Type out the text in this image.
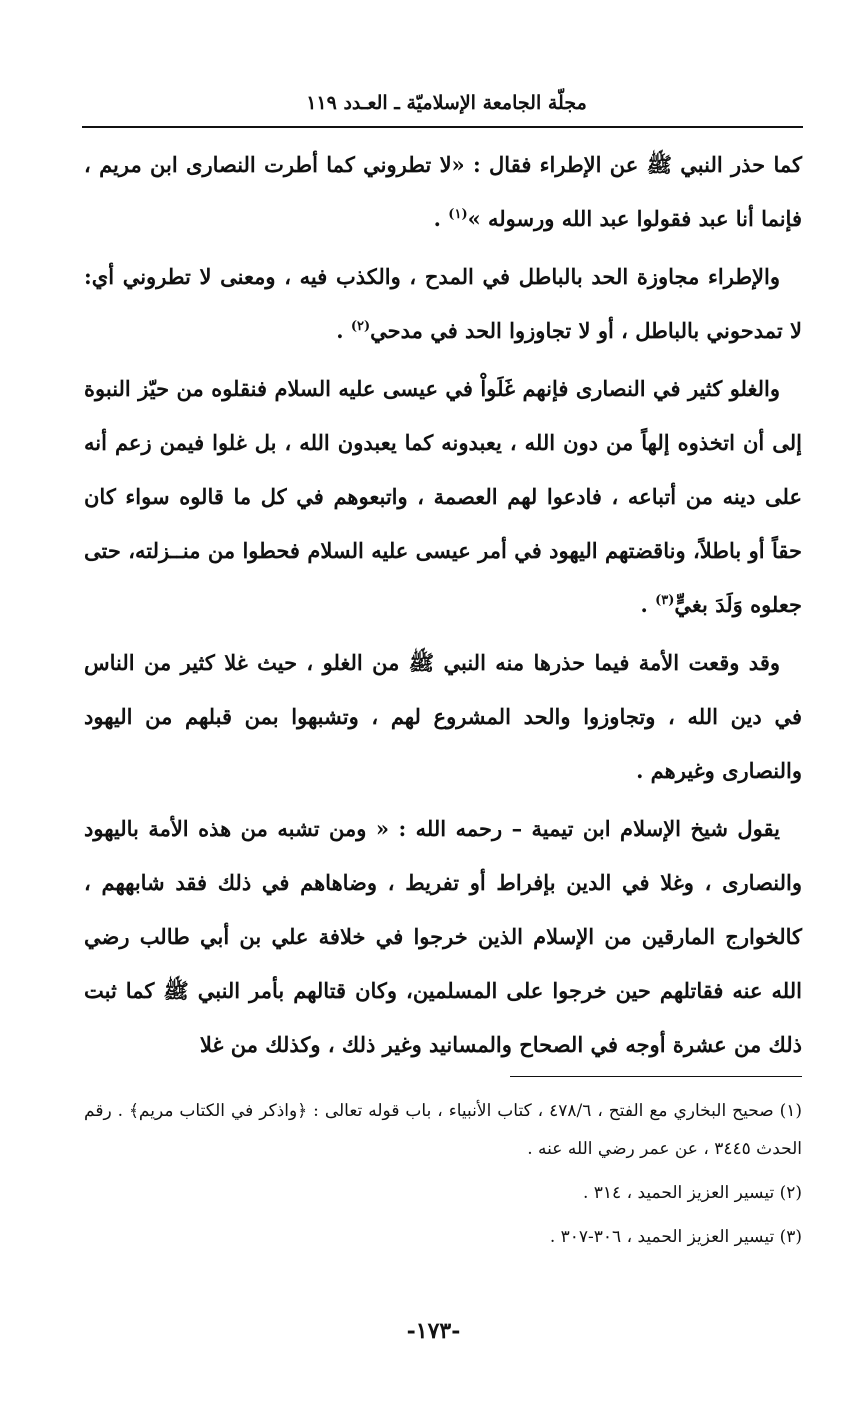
مجلّة الجامعة الإسلاميّة ـ العـدد ١١٩

كما حذر النبي ﷺ عن الإطراء فقال : «لا تطروني كما أطرت النصارى ابن مريم ، فإنما أنا عبد فقولوا عبد الله ورسوله »$^{(١)}$ .

والإطراء مجاوزة الحد بالباطل في المدح ، والكذب فيه ، ومعنى لا تطروني أي: لا تمدحوني بالباطل ، أو لا تجاوزوا الحد في مدحي$^{(٢)}$ .

والغلو كثير في النصارى فإنهم غَلَواْ في عيسى عليه السلام فنقلوه من حيّز النبوة إلى أن اتخذوه إلهاً من دون الله ، يعبدونه كما يعبدون الله ، بل غلوا فيمن زعم أنه على دينه من أتباعه ، فادعوا لهم العصمة ، واتبعوهم في كل ما قالوه سواء كان حقاً أو باطلاً، وناقضتهم اليهود في أمر عيسى عليه السلام فحطوا من منــزلته، حتى جعلوه وَلَدَ بغيٍّ$^{(٣)}$ .

وقد وقعت الأمة فيما حذرها منه النبي ﷺ من الغلو ، حيث غلا كثير من الناس في دين الله ، وتجاوزوا والحد المشروع لهم ، وتشبهوا بمن قبلهم من اليهود والنصارى وغيرهم .

يقول شيخ الإسلام ابن تيمية – رحمه الله : « ومن تشبه من هذه الأمة باليهود والنصارى ، وغلا في الدين بإفراط أو تفريط ، وضاهاهم في ذلك فقد شابههم ، كالخوارج المارقين من الإسلام الذين خرجوا في خلافة علي بن أبي طالب رضي الله عنه فقاتلهم حين خرجوا على المسلمين، وكان قتالهم بأمر النبي ﷺ كما ثبت ذلك من عشرة أوجه في الصحاح والمسانيد وغير ذلك ، وكذلك من غلا

(١) صحيح البخاري مع الفتح ، ٤٧٨/٦ ، كتاب الأنبياء ، باب قوله تعالى : ﴿واذكر في الكتاب مريم﴾ . رقم الحدث ٣٤٤٥ ، عن عمر رضي الله عنه .
(٢) تيسير العزيز الحميد ، ٣١٤ .
(٣) تيسير العزيز الحميد ، ٣٠٦-٣٠٧ .
-١٧٣-
